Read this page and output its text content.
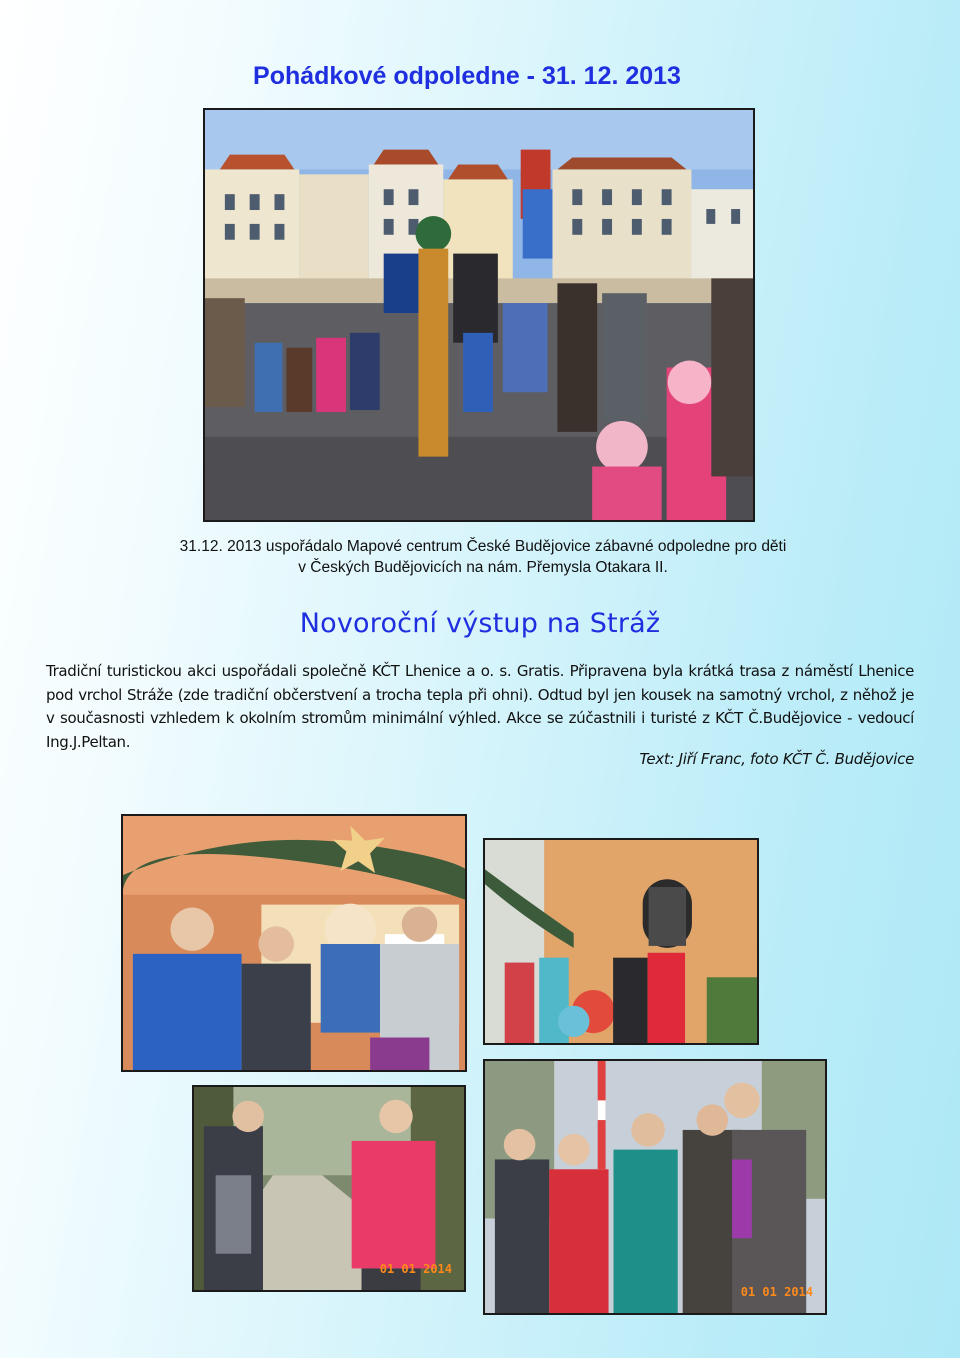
Pohádkové odpoledne - 31. 12. 2013

31.12. 2013 uspořádalo Mapové centrum České Budějovice zábavné odpoledne pro děti
v Českých Budějovicích na nám. Přemysla Otakara II.

Novoroční výstup na Stráž

Tradiční turistickou akci uspořádali společně KČT Lhenice a o. s. Gratis. Připravena byla krátká trasa z náměstí Lhenice pod vrchol Stráže (zde tradiční občerstvení a trocha tepla při ohni). Odtud byl jen kousek na samotný vrchol, z něhož je v současnosti vzhledem k okolním stromům minimální výhled. Akce se zúčastnili i turisté z KČT Č.Budějovice - vedoucí Ing.J.Peltan.

Text: Jiří Franc, foto KČT Č. Budějovice

01 01 2014
01 01 2014
